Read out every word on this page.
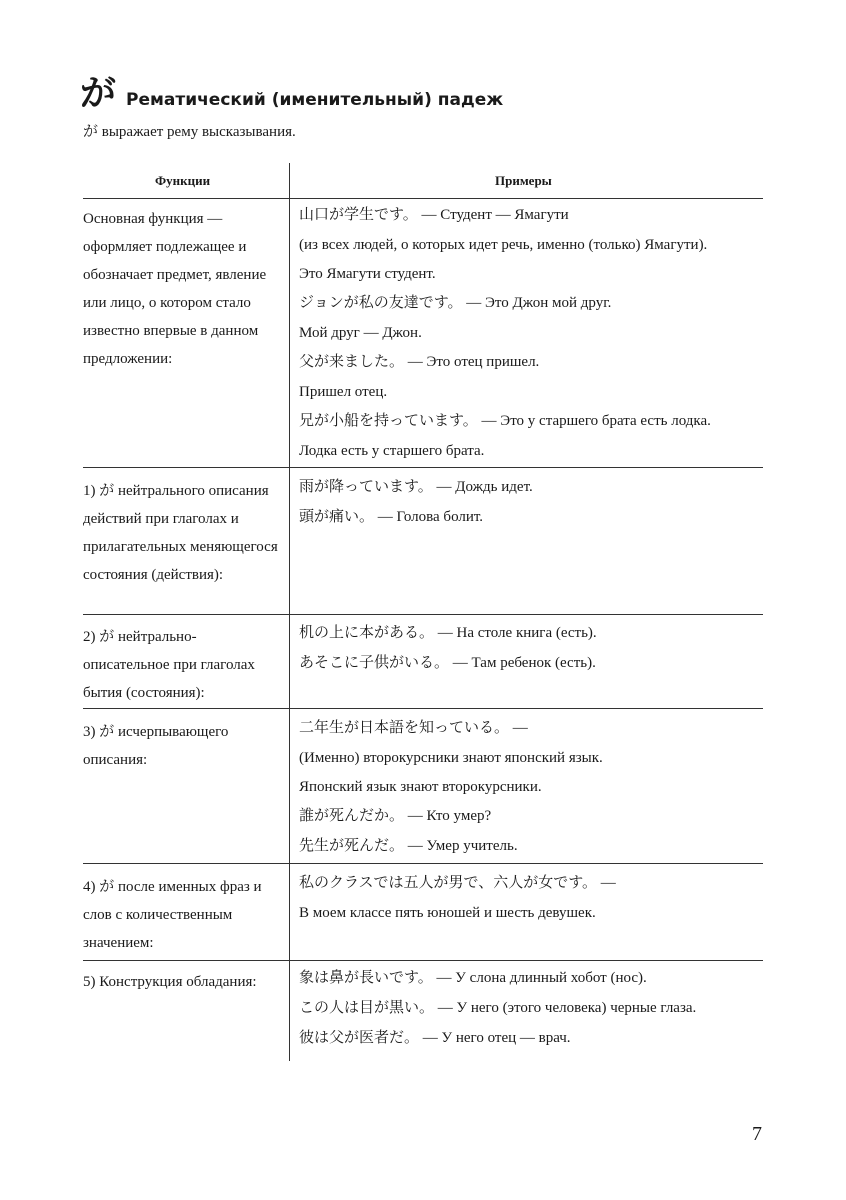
が Рематический (именительный) падеж
が выражает рему высказывания.
Функции	Примеры
Основная функция — оформляет подлежащее и обозначает предмет, явление или лицо, о котором стало известно впервые в данном предложении:
山口が学生です。 — Студент — Ямагути
(из всех людей, о которых идет речь, именно (только) Ямагути).
Это Ямагути студент.
ジョンが私の友達です。 — Это Джон мой друг.
Мой друг — Джон.
父が来ました。 — Это отец пришел.
Пришел отец.
兄が小船を持っています。 — Это у старшего брата есть лодка.
Лодка есть у старшего брата.
1) が нейтрального описания действий при глаголах и прилагательных меняющегося состояния (действия):
雨が降っています。 — Дождь идет.
頭が痛い。 — Голова болит.
2) が нейтрально-описательное при глаголах бытия (состояния):
机の上に本がある。 — На столе книга (есть).
あそこに子供がいる。 — Там ребенок (есть).
3) が исчерпывающего описания:
二年生が日本語を知っている。 —
(Именно) второкурсники знают японский язык.
Японский язык знают второкурсники.
誰が死んだか。 — Кто умер?
先生が死んだ。 — Умер учитель.
4) が после именных фраз и слов с количественным значением:
私のクラスでは五人が男で、六人が女です。 —
В моем классе пять юношей и шесть девушек.
5) Конструкция обладания:	象は鼻が長いです。 — У слона длинный хобот (нос).
この人は目が黒い。 — У него (этого человека) черные глаза.
彼は父が医者だ。 — У него отец — врач.
7
